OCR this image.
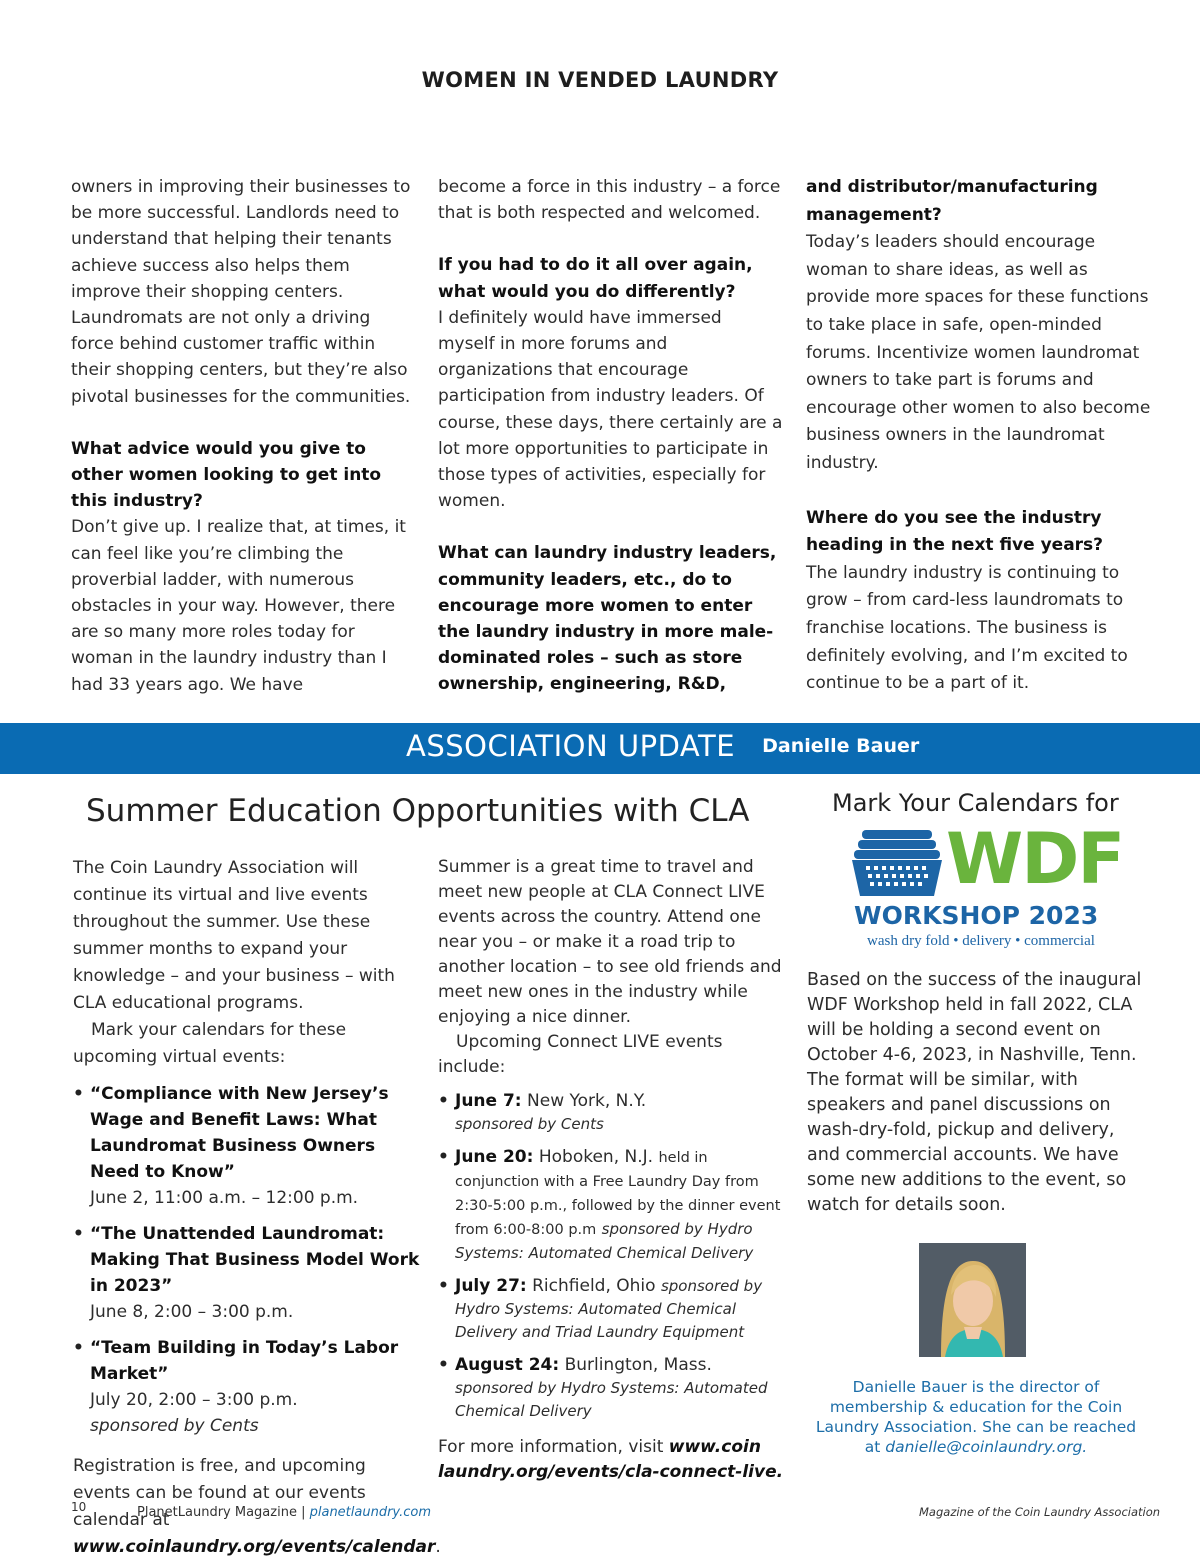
WOMEN IN VENDED LAUNDRY

owners in improving their businesses to be more successful. Landlords need to understand that helping their tenants achieve success also helps them improve their shopping centers. Laundromats are not only a driving force behind customer traffic within their shopping centers, but they’re also pivotal businesses for the communities.

What advice would you give to other women looking to get into this industry?

Don’t give up. I realize that, at times, it can feel like you’re climbing the proverbial ladder, with numerous obstacles in your way. However, there are so many more roles today for woman in the laundry industry than I had 33 years ago. We have

become a force in this industry – a force that is both respected and welcomed.

If you had to do it all over again, what would you do differently?

I definitely would have immersed myself in more forums and organizations that encourage participation from industry leaders. Of course, these days, there certainly are a lot more opportunities to participate in those types of activities, especially for women.

What can laundry industry leaders, community leaders, etc., do to encourage more women to enter the laundry industry in more male-dominated roles – such as store ownership, engineering, R&D,

and distributor/manufacturing management?

Today’s leaders should encourage woman to share ideas, as well as provide more spaces for these functions to take place in safe, open-minded forums. Incentivize women laundromat owners to take part is forums and encourage other women to also become business owners in the laundromat industry.

Where do you see the industry heading in the next five years?

The laundry industry is continuing to grow – from card-less laundromats to franchise locations. The business is definitely evolving, and I’m excited to continue to be a part of it.

ASSOCIATION UPDATE Danielle Bauer
Summer Education Opportunities with CLA

The Coin Laundry Association will continue its virtual and live events throughout the summer. Use these summer months to expand your knowledge – and your business – with CLA educational programs.

Mark your calendars for these upcoming virtual events:

• “Compliance with New Jersey’s Wage and Benefit Laws: What Laundromat Business Owners Need to Know”
June 2, 11:00 a.m. – 12:00 p.m.
• “The Unattended Laundromat: Making That Business Model Work in 2023”
June 8, 2:00 – 3:00 p.m.
• “Team Building in Today’s Labor Market”
July 20, 2:00 – 3:00 p.m.
sponsored by Cents

Registration is free, and upcoming events can be found at our events calendar at www.coinlaundry.org/events/calendar.

Summer is a great time to travel and meet new people at CLA Connect LIVE events across the country. Attend one near you – or make it a road trip to another location – to see old friends and meet new ones in the industry while enjoying a nice dinner.

Upcoming Connect LIVE events include:

• June 7: New York, N.Y.
sponsored by Cents
• June 20: Hoboken, N.J. held in conjunction with a Free Laundry Day from 2:30-5:00 p.m., followed by the dinner event from 6:00-8:00 p.m sponsored by Hydro Systems: Automated Chemical Delivery
• July 27: Richfield, Ohio sponsored by Hydro Systems: Automated Chemical Delivery and Triad Laundry Equipment
• August 24: Burlington, Mass.
sponsored by Hydro Systems: Automated Chemical Delivery

For more information, visit www.coin laundry.org/events/cla-connect-live.

Mark Your Calendars for
WDF
WORKSHOP 2023
wash dry fold • delivery • commercial
Based on the success of the inaugural WDF Workshop held in fall 2022, CLA will be holding a second event on October 4-6, 2023, in Nashville, Tenn. The format will be similar, with speakers and panel discussions on wash-dry-fold, pickup and delivery, and commercial accounts. We have some new additions to the event, so watch for details soon.
Danielle Bauer is the director of membership & education for the Coin Laundry Association. She can be reached at danielle@coinlaundry.org.
10	PlanetLaundry Magazine | planetlaundry.com	Magazine of the Coin Laundry Association
